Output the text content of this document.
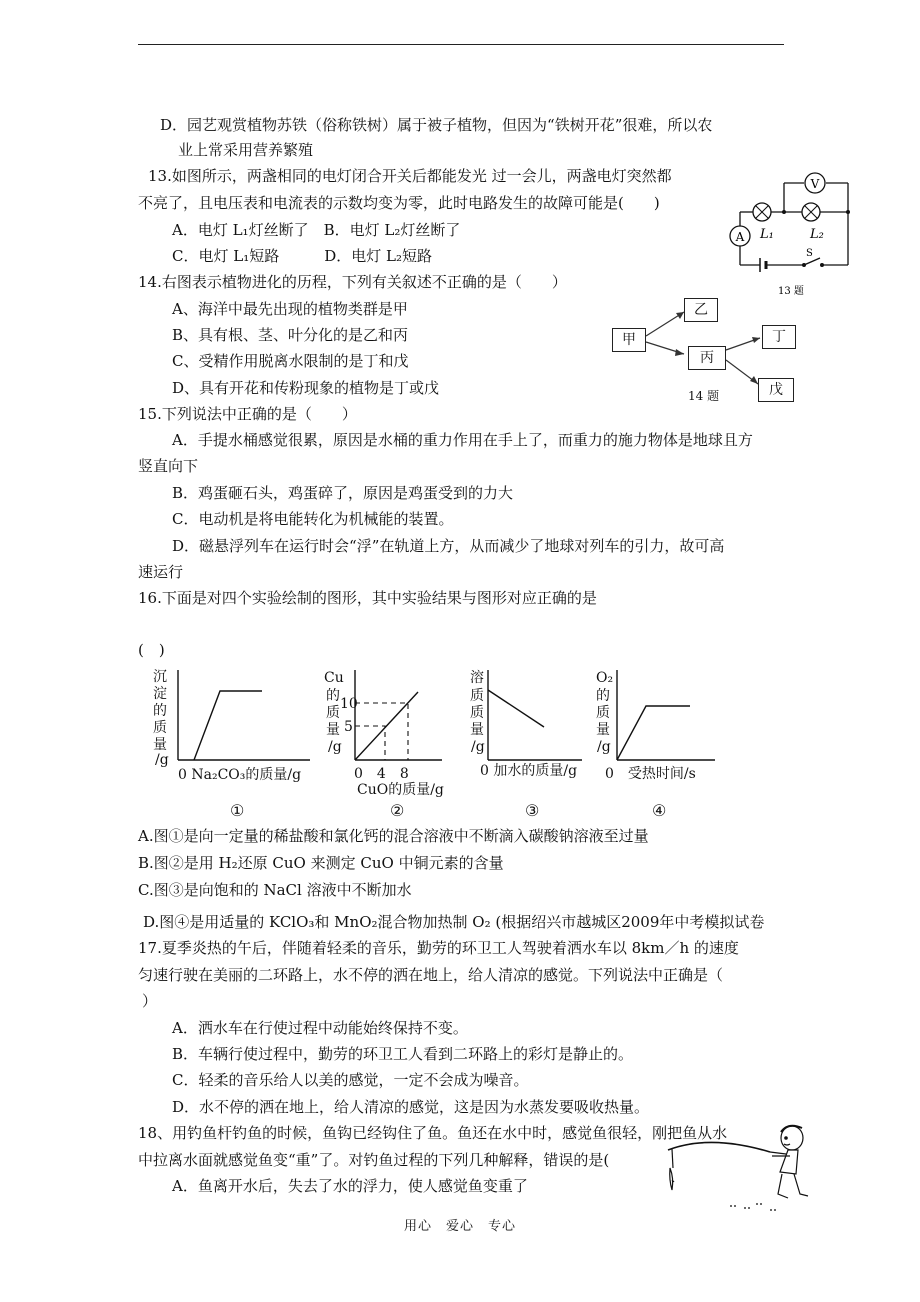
D．园艺观赏植物苏铁（俗称铁树）属于被子植物，但因为“铁树开花”很难，所以农
业上常采用营养繁殖
13.如图所示，两盏相同的电灯闭合开关后都能发光 过一会儿，两盏电灯突然都
不亮了，且电压表和电流表的示数均变为零，此时电路发生的故障可能是(　　)
A．电灯 L₁灯丝断了　B．电灯 L₂灯丝断了
C．电灯 L₁短路　　　D．电灯 L₂短路
14.右图表示植物进化的历程，下列有关叙述不正确的是（　　）
A、海洋中最先出现的植物类群是甲
B、具有根、茎、叶分化的是乙和丙
C、受精作用脱离水限制的是丁和戊
D、具有开花和传粉现象的植物是丁或戊
15.下列说法中正确的是（　　）
A．手提水桶感觉很累，原因是水桶的重力作用在手上了，而重力的施力物体是地球且方
竖直向下
B．鸡蛋砸石头，鸡蛋碎了，原因是鸡蛋受到的力大
C．电动机是将电能转化为机械能的装置。
D．磁悬浮列车在运行时会“浮”在轨道上方，从而减少了地球对列车的引力，故可高
速运行
16.下面是对四个实验绘制的图形，其中实验结果与图形对应正确的是
(　)
A.图①是向一定量的稀盐酸和氯化钙的混合溶液中不断滴入碳酸钠溶液至过量
B.图②是用 H₂还原 CuO 来测定 CuO 中铜元素的含量
C.图③是向饱和的 NaCl 溶液中不断加水
D.图④是用适量的 KClO₃和 MnO₂混合物加热制 O₂ (根据绍兴市越城区2009年中考模拟试卷
17.夏季炎热的午后，伴随着轻柔的音乐，勤劳的环卫工人驾驶着洒水车以 8km／h 的速度
匀速行驶在美丽的二环路上，水不停的洒在地上，给人清凉的感觉。下列说法中正确是（
）
A．洒水车在行使过程中动能始终保持不变。
B．车辆行使过程中，勤劳的环卫工人看到二环路上的彩灯是静止的。
C．轻柔的音乐给人以美的感觉，一定不会成为噪音。
D．水不停的洒在地上，给人清凉的感觉，这是因为水蒸发要吸收热量。
18、用钓鱼杆钓鱼的时候，鱼钩已经钩住了鱼。鱼还在水中时，感觉鱼很轻，刚把鱼从水
中拉离水面就感觉鱼变“重”了。对钓鱼过程的下列几种解释，错误的是(
A．鱼离开水后，失去了水的浮力，使人感觉鱼变重了
V
A L₁	L₂
S
13 题
甲
乙
丙
丁
戊
14 题
沉
淀
的
质
量
/g
0 Na₂CO₃的质量/g
①
Cu
的
质
量
/g
10
5
0　4　8
CuO的质量/g
②
溶
质
质
量
/g
0 加水的质量/g
③
O₂
的
质
量
/g
0　受热时间/s
④
用心　爱心　专心
